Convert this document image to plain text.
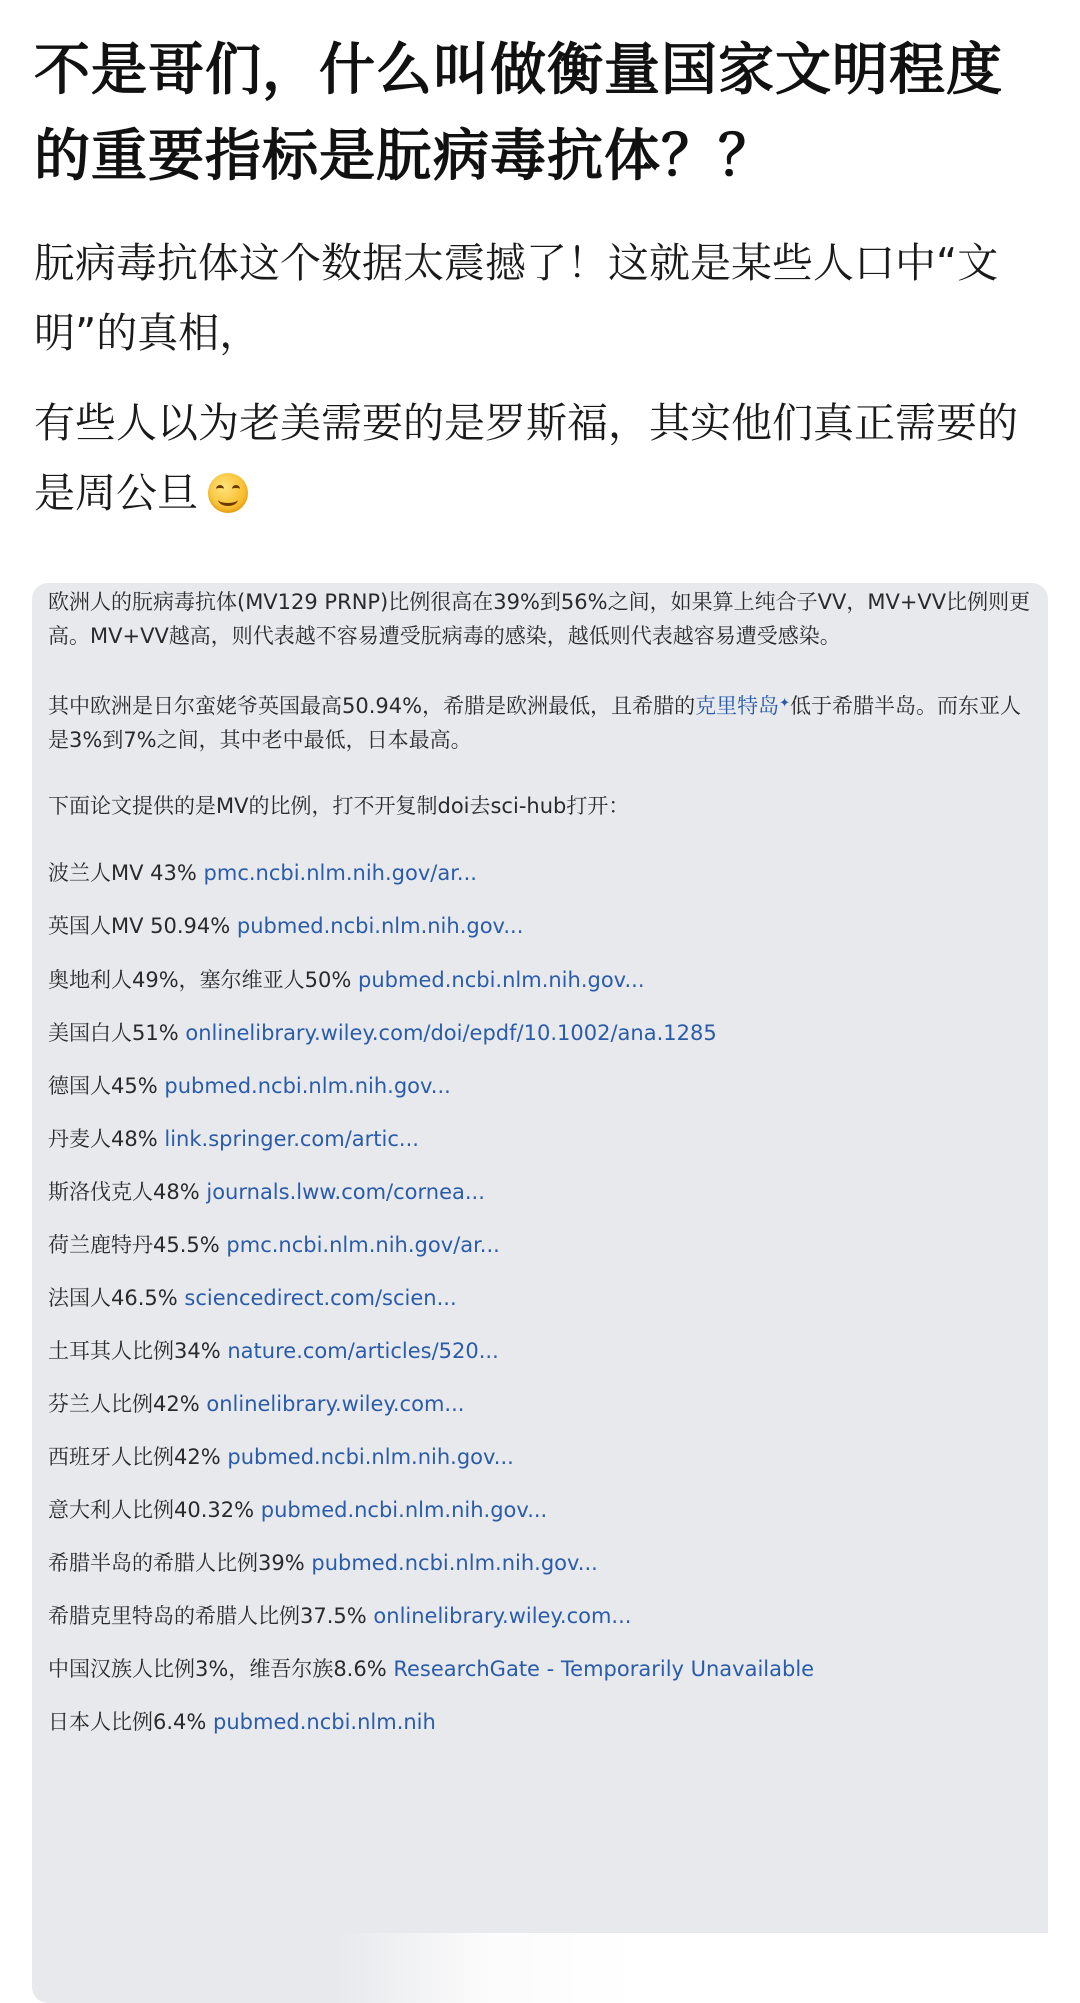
不是哥们，什么叫做衡量国家文明程度的重要指标是朊病毒抗体？？
朊病毒抗体这个数据太震撼了！这就是某些人口中“文明”的真相，
有些人以为老美需要的是罗斯福，其实他们真正需要的是周公旦
欧洲人的朊病毒抗体(MV129 PRNP)比例很高在39%到56%之间，如果算上纯合子VV，MV+VV比例则更高。MV+VV越高，则代表越不容易遭受朊病毒的感染，越低则代表越容易遭受感染。
其中欧洲是日尔蛮姥爷英国最高50.94%，希腊是欧洲最低，且希腊的克里特岛✦低于希腊半岛。而东亚人是3%到7%之间，其中老中最低，日本最高。
下面论文提供的是MV的比例，打不开复制doi去sci-hub打开：
波兰人MV 43% pmc.ncbi.nlm.nih.gov/ar...
英国人MV 50.94% pubmed.ncbi.nlm.nih.gov...
奥地利人49%，塞尔维亚人50% pubmed.ncbi.nlm.nih.gov...
美国白人51% onlinelibrary.wiley.com/doi/epdf/10.1002/ana.1285
德国人45% pubmed.ncbi.nlm.nih.gov...
丹麦人48% link.springer.com/artic...
斯洛伐克人48% journals.lww.com/cornea...
荷兰鹿特丹45.5% pmc.ncbi.nlm.nih.gov/ar...
法国人46.5% sciencedirect.com/scien...
土耳其人比例34% nature.com/articles/520...
芬兰人比例42% onlinelibrary.wiley.com...
西班牙人比例42% pubmed.ncbi.nlm.nih.gov...
意大利人比例40.32% pubmed.ncbi.nlm.nih.gov...
希腊半岛的希腊人比例39% pubmed.ncbi.nlm.nih.gov...
希腊克里特岛的希腊人比例37.5% onlinelibrary.wiley.com...
中国汉族人比例3%，维吾尔族8.6% ResearchGate - Temporarily Unavailable
日本人比例6.4% pubmed.ncbi.nlm.nih
